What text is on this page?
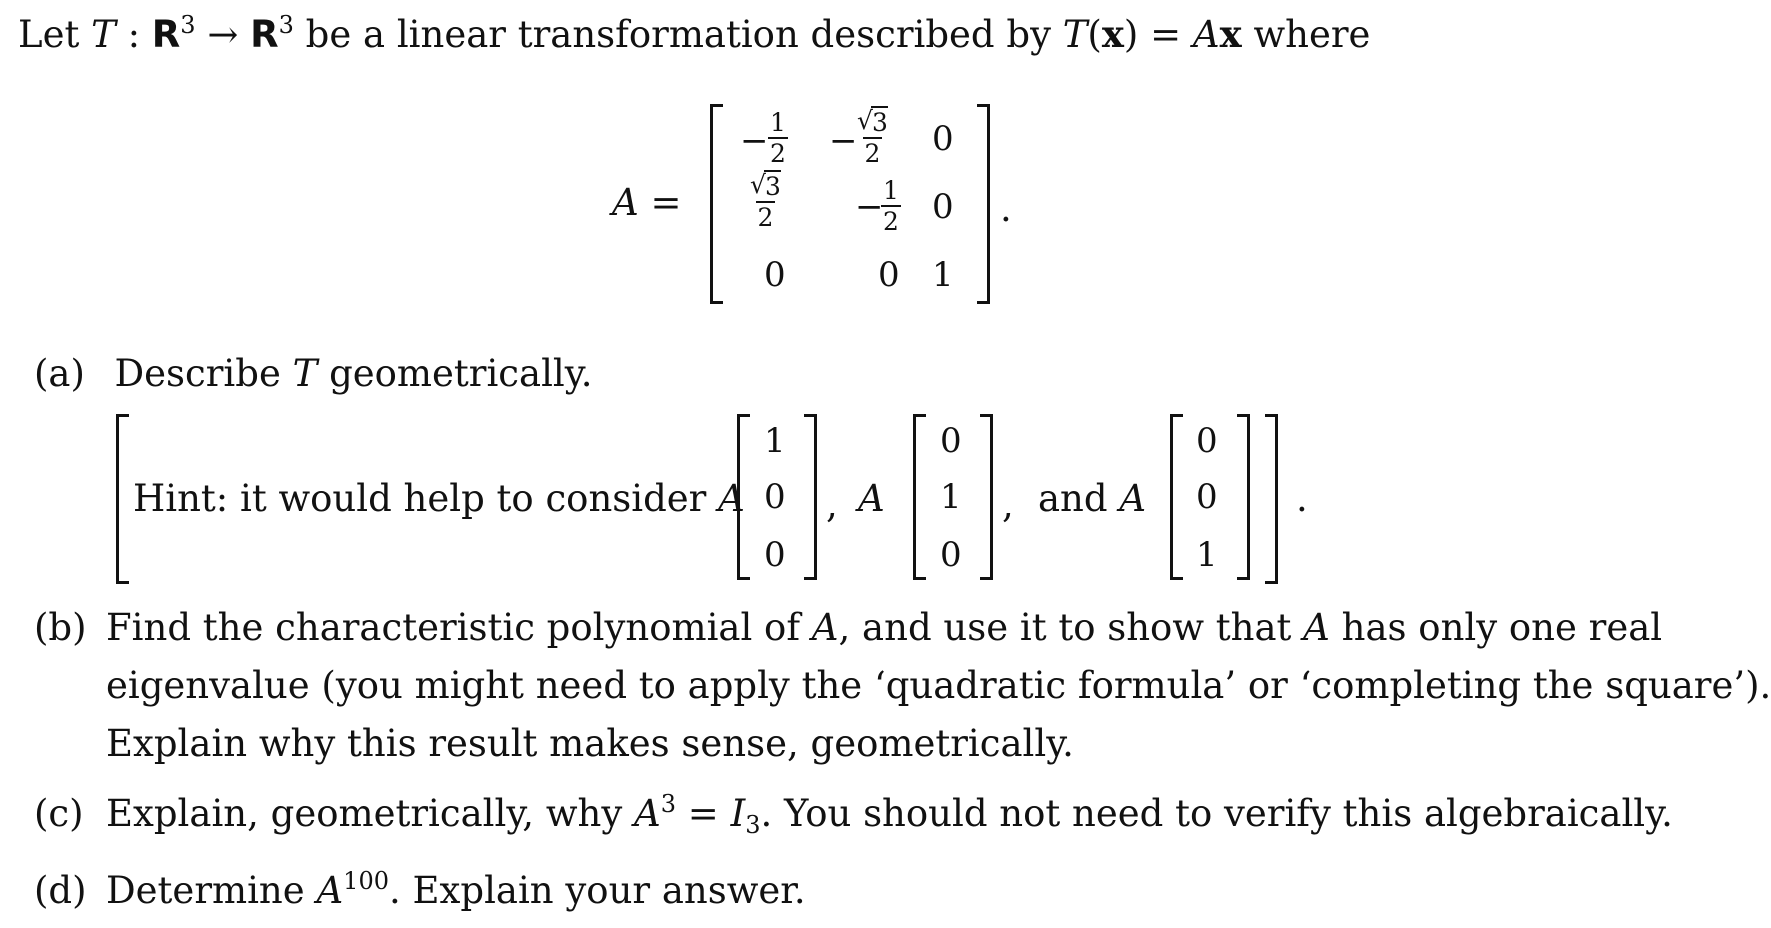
Let T : $R^3 \to R^3$ be a linear transformation described by T(x) = Ax where
A =
− $\frac{1}{2}$ −
$\frac{√ 3}{2} 0$
$\frac{√ 3}{2}$ −
$\frac{1}{2} 0$
0	0 1
.
(a) Describe T geometrically.
Hint: it would help to consider A
1
0
0
, A
0
1
0
, and A
0
0
1
.
(b) Find the characteristic polynomial of A, and use it to show that A has only one real
eigenvalue (you might need to apply the ‘quadratic formula’ or ‘completing the square’).
Explain why this result makes sense, geometrically.
(c) Explain, geometrically, why $A^3 = I_3$. You should not need to verify this algebraically.
(d) Determine $A^{100}$. Explain your answer.
